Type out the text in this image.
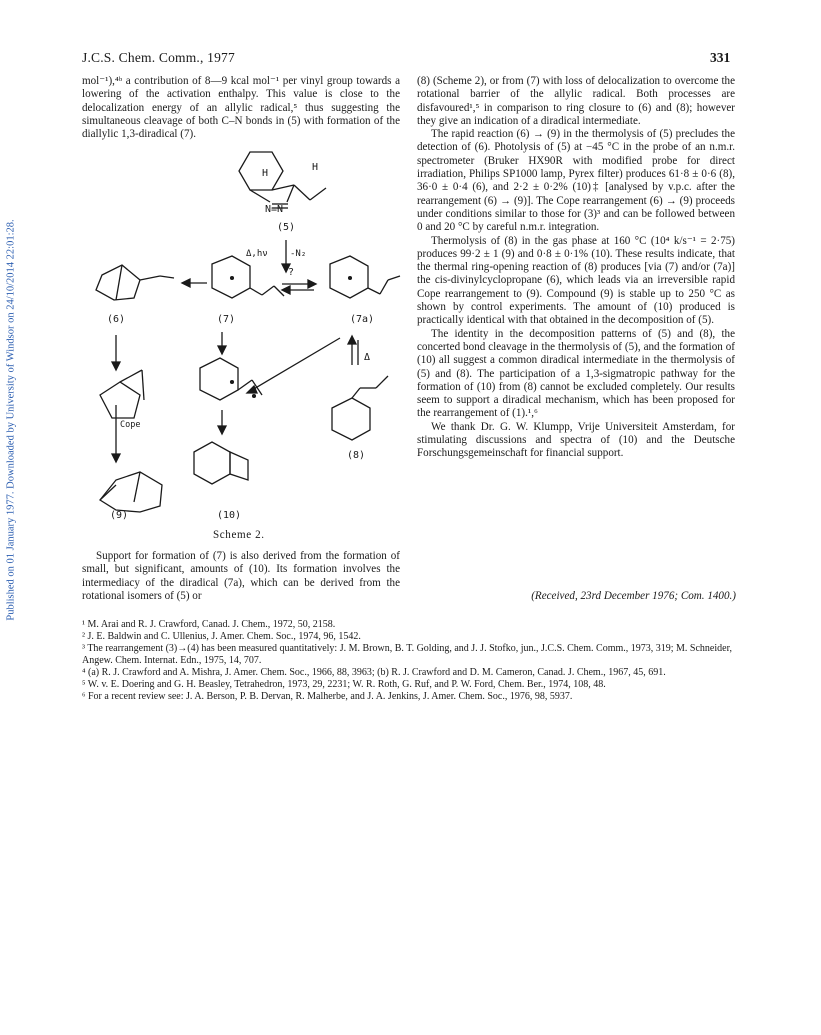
J.C.S. Chem. Comm., 1977	331
Published on 01 January 1977. Downloaded by University of Windsor on 24/10/2014 22:01:28.

mol⁻¹),⁴ᵇ a contribution of 8—9 kcal mol⁻¹ per vinyl group towards a lowering of the activation enthalpy. This value is close to the delocalization energy of an allylic radical,⁵ thus suggesting the simultaneous cleavage of both C–N bonds in (5) with formation of the diallylic 1,3-diradical (7).

H
H
N=N
(5)
Δ,hν -N₂
(6)	(7)
?
(7a)
Cope
(9)
Δ
(8)
(10)
Scheme 2.

Support for formation of (7) is also derived from the formation of small, but significant, amounts of (10). Its formation involves the intermediacy of the diradical (7a), which can be derived from the rotational isomers of (5) or

(8) (Scheme 2), or from (7) with loss of delocalization to overcome the rotational barrier of the allylic radical. Both processes are disfavoured¹,⁵ in comparison to ring closure to (6) and (8); however they give an indication of a diradical intermediate.

The rapid reaction (6) → (9) in the thermolysis of (5) precludes the detection of (6). Photolysis of (5) at −45 °C in the probe of an n.m.r. spectrometer (Bruker HX90R with modified probe for direct irradiation, Philips SP1000 lamp, Pyrex filter) produces 61·8 ± 0·6 (8), 36·0 ± 0·4 (6), and 2·2 ± 0·2% (10)‡ [analysed by v.p.c. after the rearrangement (6) → (9)]. The Cope rearrangement (6) → (9) proceeds under conditions similar to those for (3)³ and can be followed between 0 and 20 °C by careful n.m.r. integration.

Thermolysis of (8) in the gas phase at 160 °C (10⁴ k/s⁻¹ = 2·75) produces 99·2 ± 1 (9) and 0·8 ± 0·1% (10). These results indicate, that the thermal ring-opening reaction of (8) produces [via (7) and/or (7a)] the cis-divinylcyclopropane (6), which leads via an irreversible rapid Cope rearrangement to (9). Compound (9) is stable up to 250 °C as shown by control experiments. The amount of (10) produced is practically identical with that obtained in the decomposition of (5).

The identity in the decomposition patterns of (5) and (8), the concerted bond cleavage in the thermolysis of (5), and the formation of (10) all suggest a common diradical intermediate in the thermolysis of (5) and (8). The participation of a 1,3-sigmatropic pathway for the formation of (10) from (8) cannot be excluded completely. Our results seem to support a diradical mechanism, which has been proposed for the rearrangement of (1).¹,⁶

We thank Dr. G. W. Klumpp, Vrije Universiteit Amsterdam, for stimulating discussions and spectra of (10) and the Deutsche Forschungsgemeinschaft for financial support.

(Received, 23rd December 1976; Com. 1400.)
¹ M. Arai and R. J. Crawford, Canad. J. Chem., 1972, 50, 2158.
² J. E. Baldwin and C. Ullenius, J. Amer. Chem. Soc., 1974, 96, 1542.
³ The rearrangement (3)→(4) has been measured quantitatively: J. M. Brown, B. T. Golding, and J. J. Stofko, jun., J.C.S. Chem. Comm., 1973, 319; M. Schneider, Angew. Chem. Internat. Edn., 1975, 14, 707.
⁴ (a) R. J. Crawford and A. Mishra, J. Amer. Chem. Soc., 1966, 88, 3963; (b) R. J. Crawford and D. M. Cameron, Canad. J. Chem., 1967, 45, 691.
⁵ W. v. E. Doering and G. H. Beasley, Tetrahedron, 1973, 29, 2231; W. R. Roth, G. Ruf, and P. W. Ford, Chem. Ber., 1974, 108, 48.
⁶ For a recent review see: J. A. Berson, P. B. Dervan, R. Malherbe, and J. A. Jenkins, J. Amer. Chem. Soc., 1976, 98, 5937.
